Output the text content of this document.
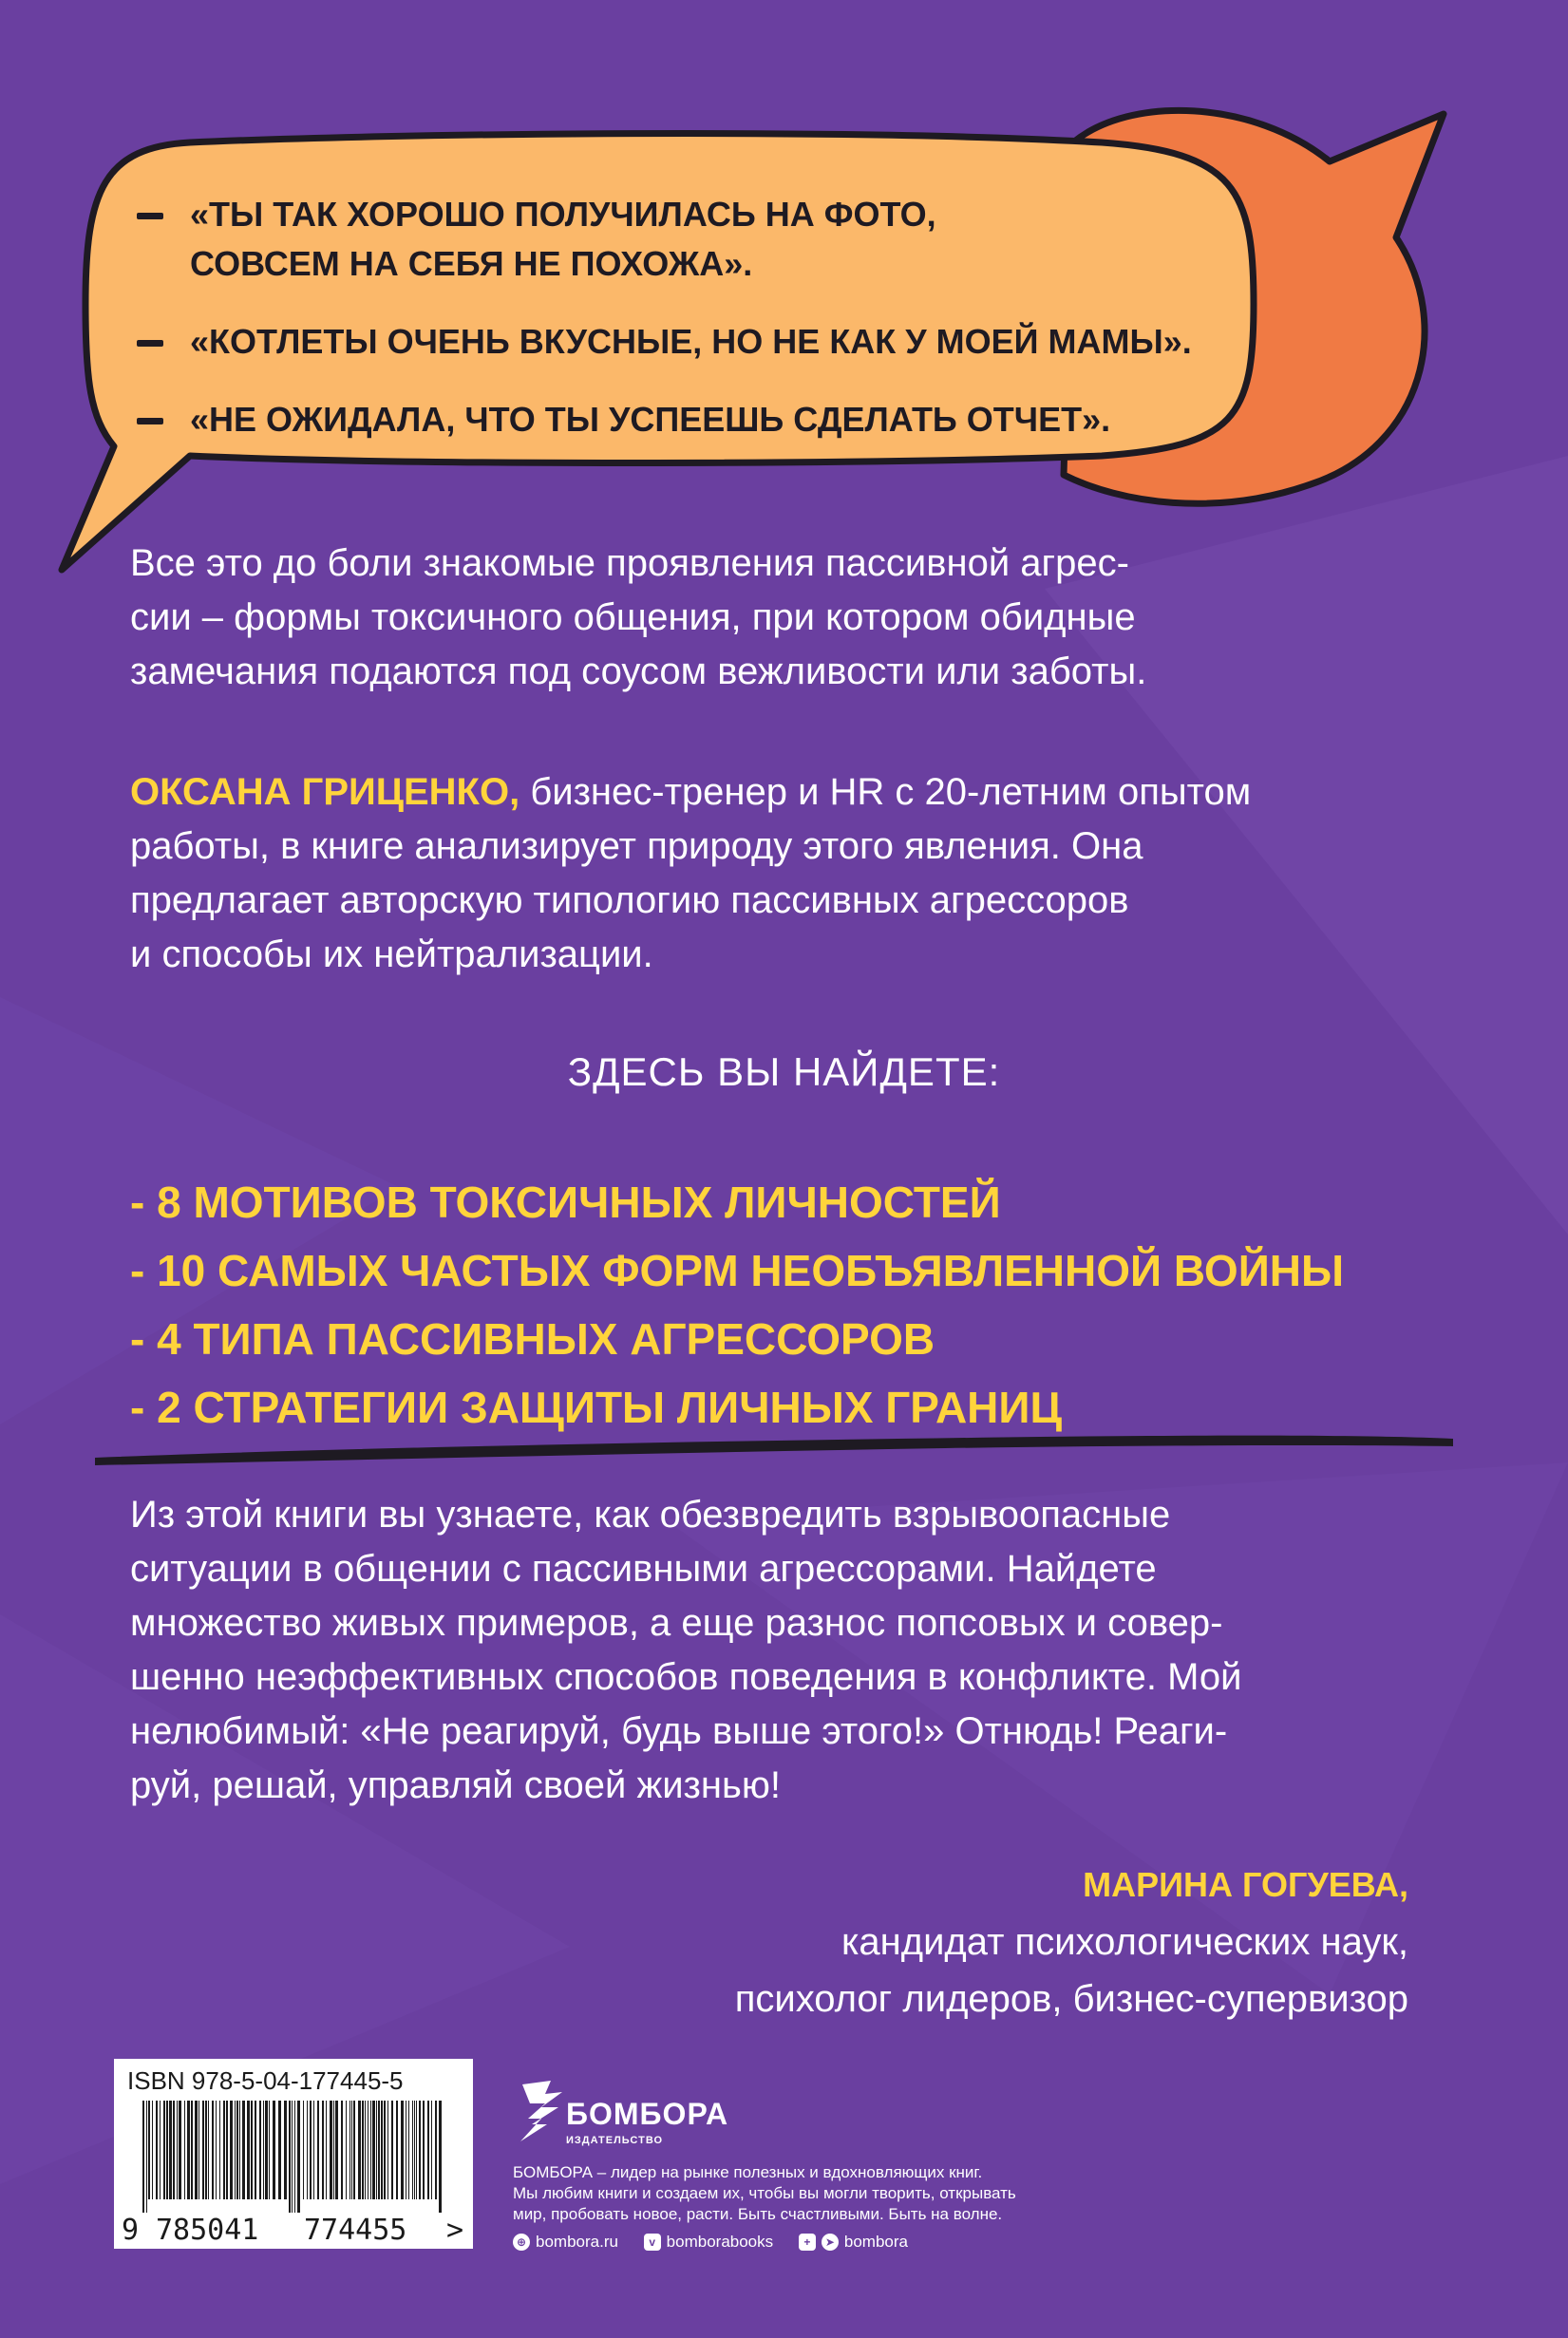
«ТЫ ТАК ХОРОШО ПОЛУЧИЛАСЬ НА ФОТО,
СОВСЕМ НА СЕБЯ НЕ ПОХОЖА».
«КОТЛЕТЫ ОЧЕНЬ ВКУСНЫЕ, НО НЕ КАК У МОЕЙ МАМЫ».
«НЕ ОЖИДАЛА, ЧТО ТЫ УСПЕЕШЬ СДЕЛАТЬ ОТЧЕТ».
Все это до боли знакомые проявления пассивной агрес-
сии – формы токсичного общения, при котором обидные
замечания подаются под соусом вежливости или заботы.
ОКСАНА ГРИЦЕНКО, бизнес-тренер и HR с 20-летним опытом
работы, в книге анализирует природу этого явления. Она
предлагает авторскую типологию пассивных агрессоров
и способы их нейтрализации.
ЗДЕСЬ ВЫ НАЙДЕТЕ:
- 8 МОТИВОВ ТОКСИЧНЫХ ЛИЧНОСТЕЙ
- 10 САМЫХ ЧАСТЫХ ФОРМ НЕОБЪЯВЛЕННОЙ ВОЙНЫ
- 4 ТИПА ПАССИВНЫХ АГРЕССОРОВ
- 2 СТРАТЕГИИ ЗАЩИТЫ ЛИЧНЫХ ГРАНИЦ
Из этой книги вы узнаете, как обезвредить взрывоопасные
ситуации в общении с пассивными агрессорами. Найдете
множество живых примеров, а еще разнос попсовых и совер-
шенно неэффективных способов поведения в конфликте. Мой
нелюбимый: «Не реагируй, будь выше этого!» Отнюдь! Реаги-
руй, решай, управляй своей жизнью!
МАРИНА ГОГУЕВА,
кандидат психологических наук,
психолог лидеров, бизнес-супервизор
ISBN 978-5-04-177445-5
9 785041 774455 >
БОМБОРА
ИЗДАТЕЛЬСТВО
БОМБОРА – лидер на рынке полезных и вдохновляющих книг.
Мы любим книги и создаем их, чтобы вы могли творить, открывать
мир, пробовать новое, расти. Быть счастливыми. Быть на волне.
⊕ bombora.ru
	v bomborabooks
	+	➤ bombora
